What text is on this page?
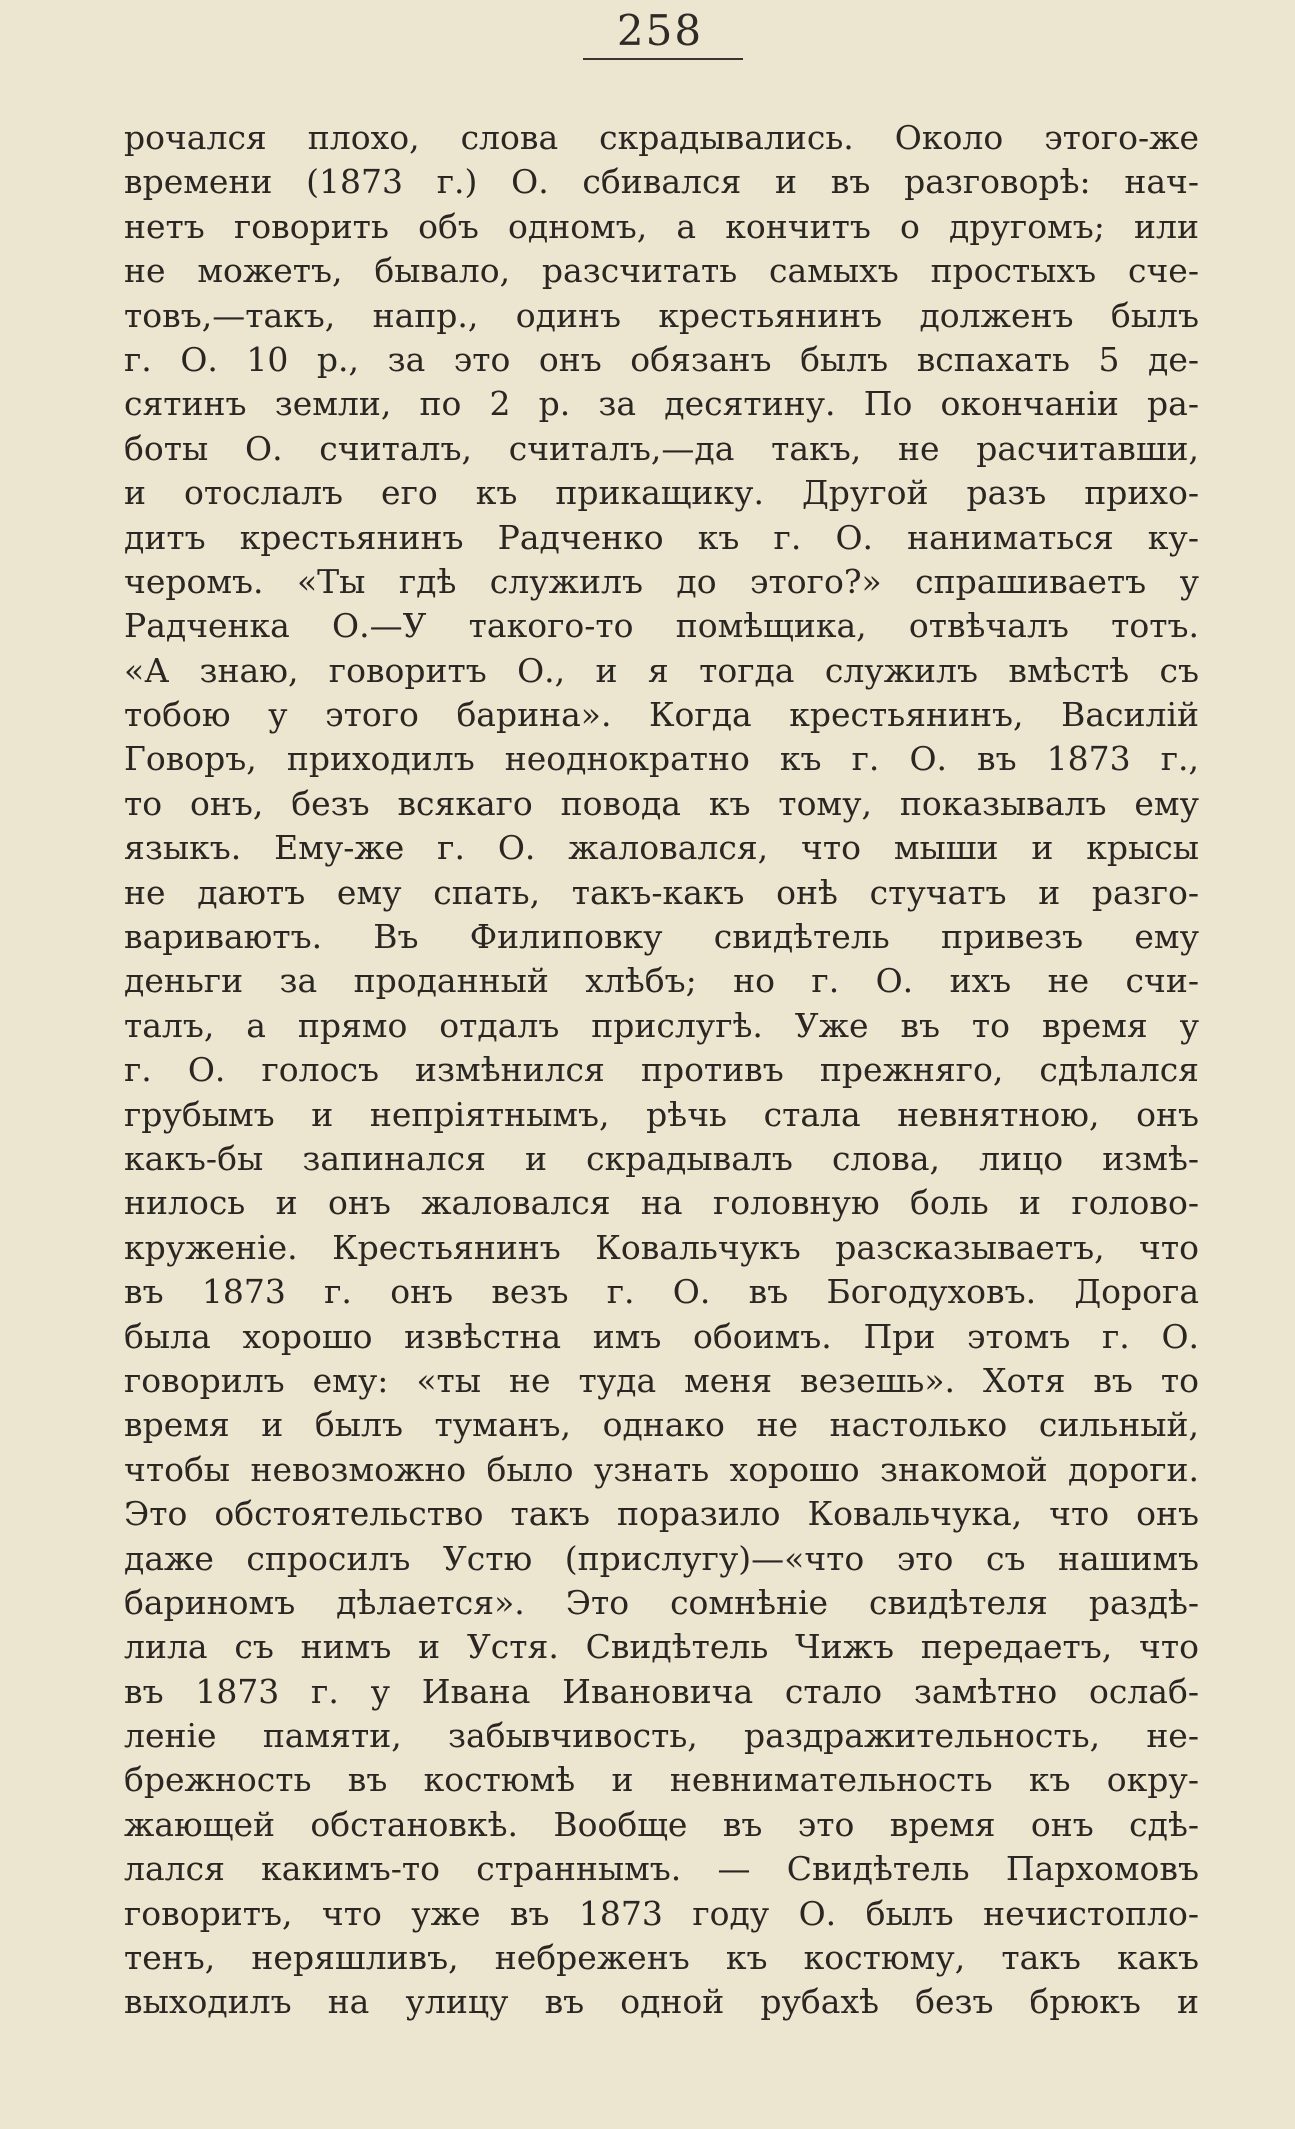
258
рочался плохо, слова скрадывались. Около этого-же
времени (1873 г.) О. сбивался и въ разговорѣ: нач-
нетъ говорить объ одномъ, а кончитъ о другомъ; или
не можетъ, бывало, разсчитать самыхъ простыхъ сче-
товъ,—такъ, напр., одинъ крестьянинъ долженъ былъ
г. О. 10 р., за это онъ обязанъ былъ вспахать 5 де-
сятинъ земли, по 2 р. за десятину. По окончанiи ра-
боты О. считалъ, считалъ,—да такъ, не расчитавши,
и отослалъ его къ прикащику. Другой разъ прихо-
дитъ крестьянинъ Радченко къ г. О. наниматься ку-
черомъ. «Ты гдѣ служилъ до этого?» спрашиваетъ у
Радченка О.—У такого-то помѣщика, отвѣчалъ тотъ.
«А знаю, говоритъ О., и я тогда служилъ вмѣстѣ съ
тобою у этого барина». Когда крестьянинъ, Василiй
Говоръ, приходилъ неоднократно къ г. О. въ 1873 г.,
то онъ, безъ всякаго повода къ тому, показывалъ ему
языкъ. Ему-же г. О. жаловался, что мыши и крысы
не даютъ ему спать, такъ-какъ онѣ стучатъ и разго-
вариваютъ. Въ Филиповку свидѣтель привезъ ему
деньги за проданный хлѣбъ; но г. О. ихъ не счи-
талъ, а прямо отдалъ прислугѣ. Уже въ то время у
г. О. голосъ измѣнился противъ прежняго, сдѣлался
грубымъ и непрiятнымъ, рѣчь стала невнятною, онъ
какъ-бы запинался и скрадывалъ слова, лицо измѣ-
нилось и онъ жаловался на головную боль и голово-
круженiе. Крестьянинъ Ковальчукъ разсказываетъ, что
въ 1873 г. онъ везъ г. О. въ Богодуховъ. Дорога
была хорошо извѣстна имъ обоимъ. При этомъ г. О.
говорилъ ему: «ты не туда меня везешь». Хотя въ то
время и былъ туманъ, однако не настолько сильный,
чтобы невозможно было узнать хорошо знакомой дороги.
Это обстоятельство такъ поразило Ковальчука, что онъ
даже спросилъ Устю (прислугу)—«что это съ нашимъ
бариномъ дѣлается». Это сомнѣнiе свидѣтеля раздѣ-
лила съ нимъ и Устя. Свидѣтель Чижъ передаетъ, что
въ 1873 г. у Ивана Ивановича стало замѣтно ослаб-
ленiе памяти, забывчивость, раздражительность, не-
брежность въ костюмѣ и невнимательность къ окру-
жающей обстановкѣ. Вообще въ это время онъ сдѣ-
лался какимъ-то страннымъ. — Свидѣтель Пархомовъ
говоритъ, что уже въ 1873 году О. былъ нечистопло-
тенъ, неряшливъ, небреженъ къ костюму, такъ какъ
выходилъ на улицу въ одной рубахѣ безъ брюкъ и
